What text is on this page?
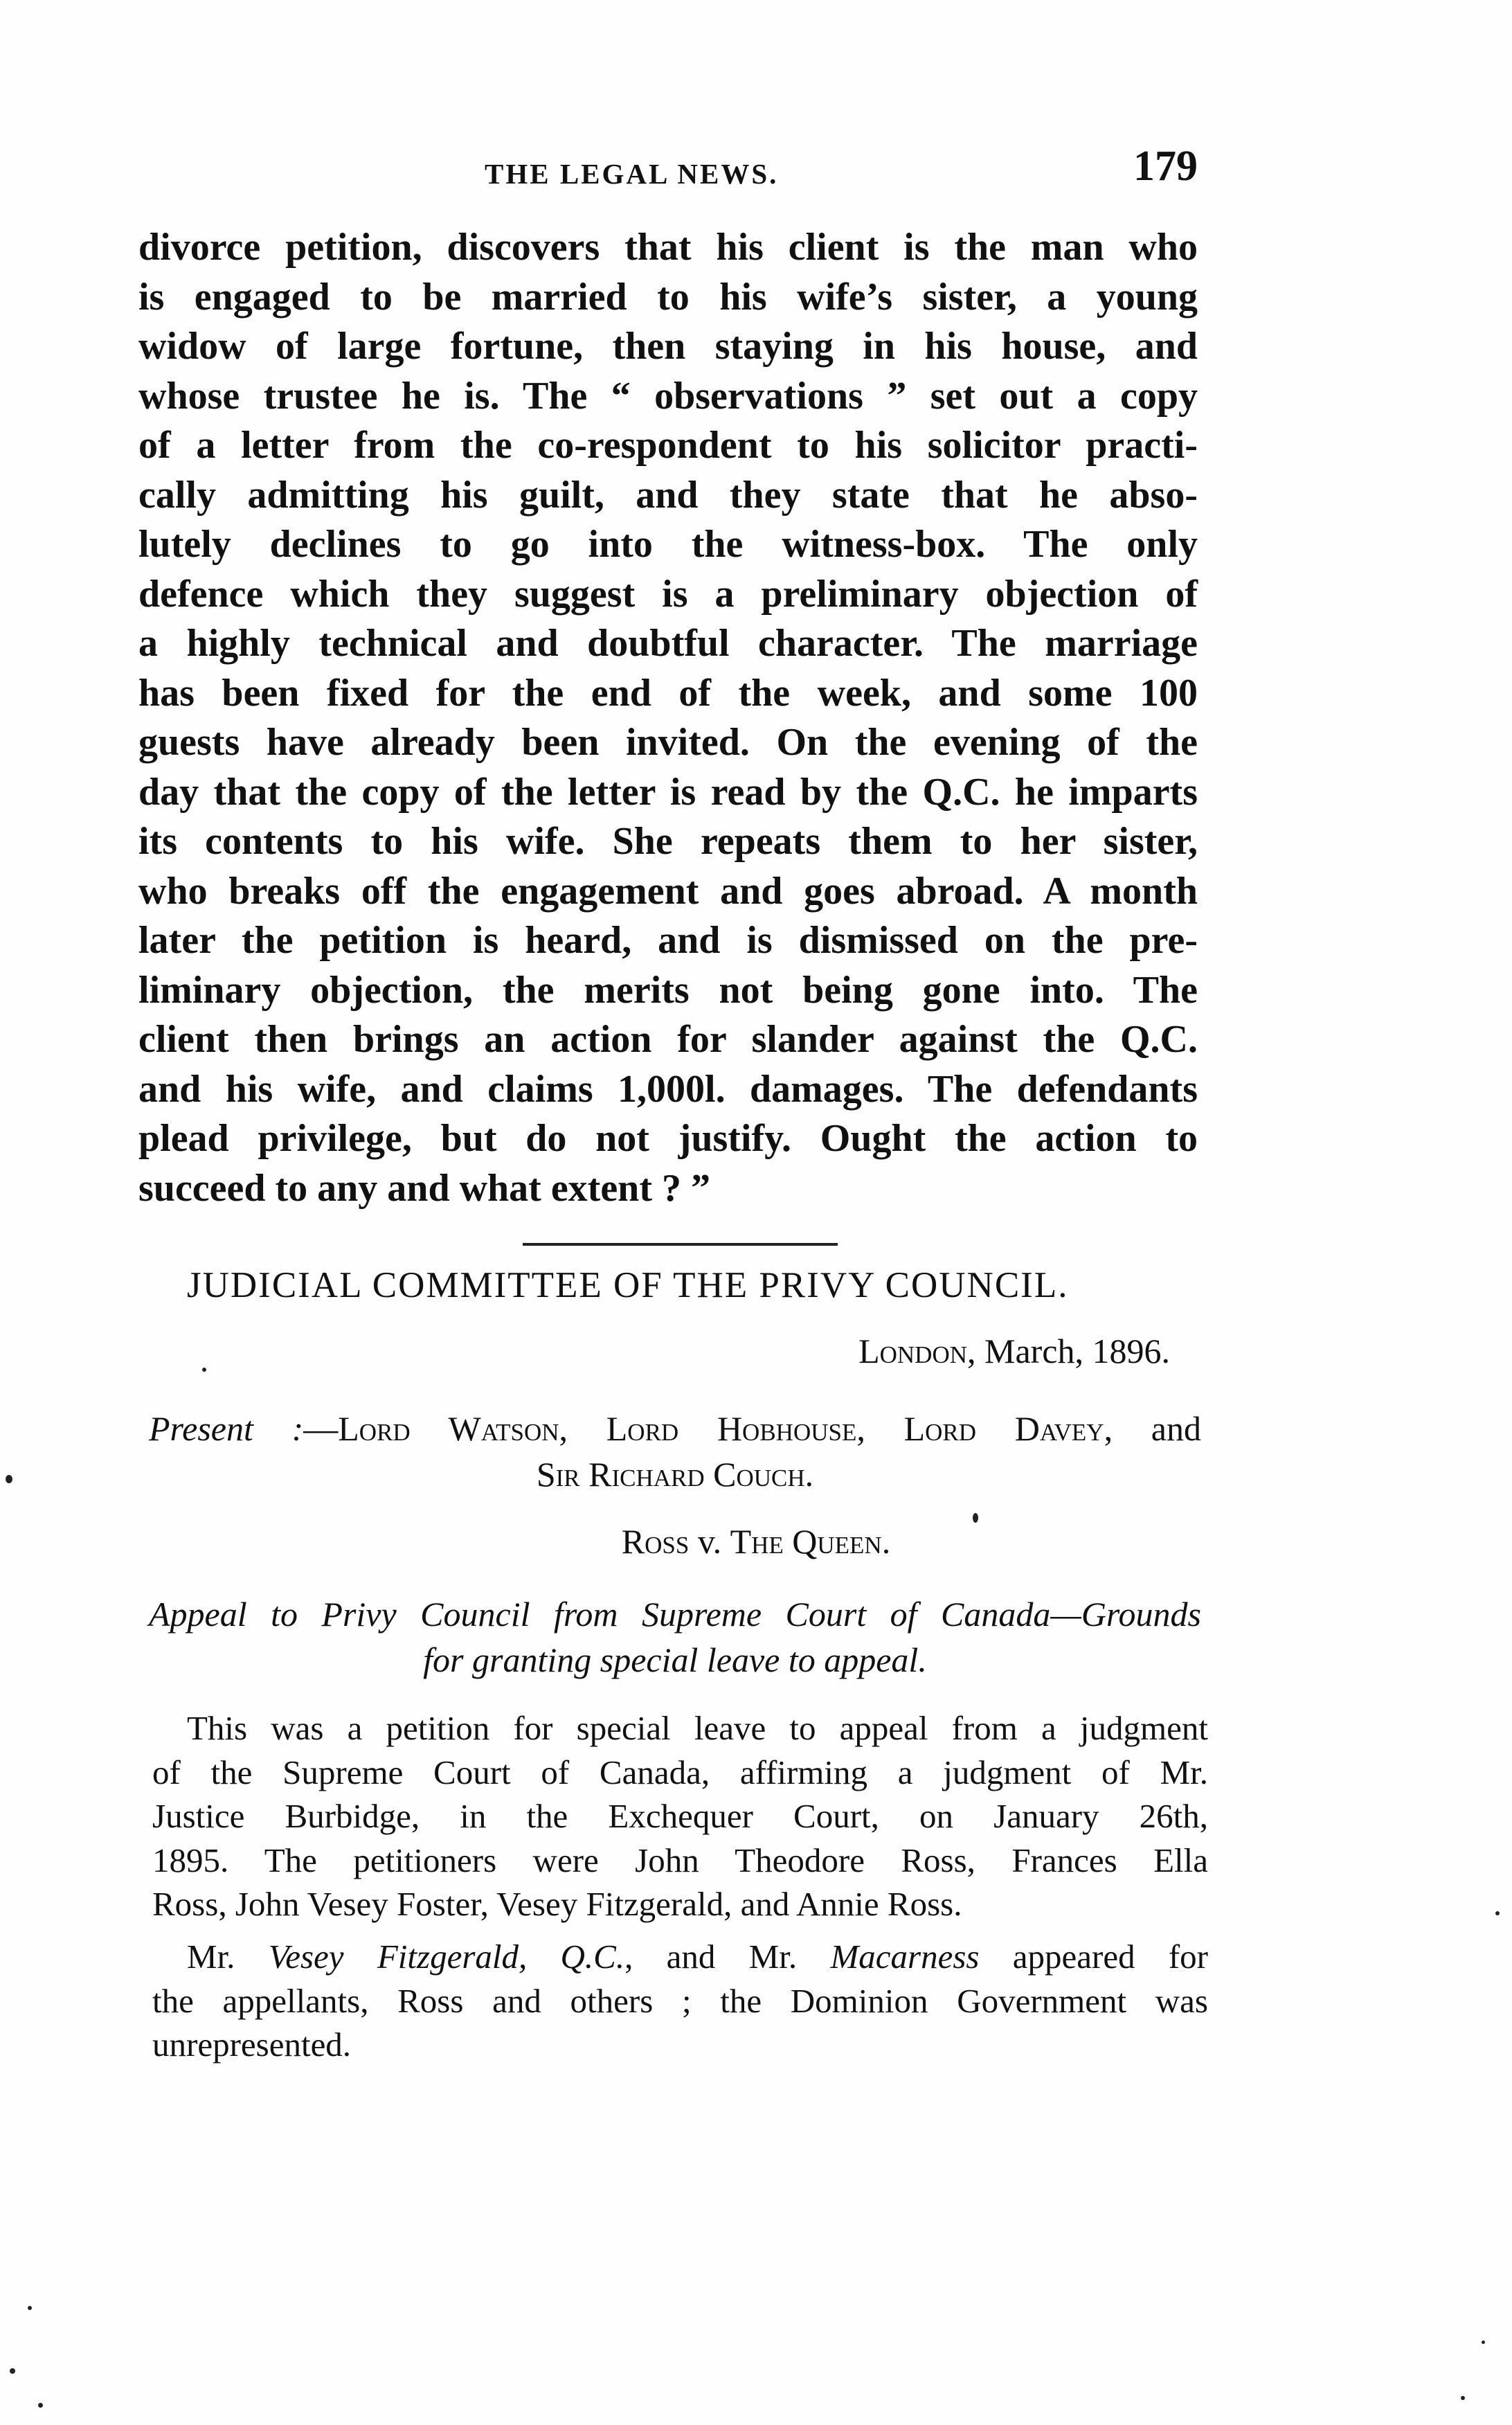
THE LEGAL NEWS.	179
divorce petition, discovers that his client is the man who
is engaged to be married to his wife’s sister, a young
widow of large fortune, then staying in his house, and
whose trustee he is. The “ observations ” set out a copy
of a letter from the co-respondent to his solicitor practi-
cally admitting his guilt, and they state that he abso-
lutely declines to go into the witness-box. The only
defence which they suggest is a preliminary objection of
a highly technical and doubtful character. The marriage
has been fixed for the end of the week, and some 100
guests have already been invited. On the evening of the
day that the copy of the letter is read by the Q.C. he imparts
its contents to his wife. She repeats them to her sister,
who breaks off the engagement and goes abroad. A month
later the petition is heard, and is dismissed on the pre-
liminary objection, the merits not being gone into. The
client then brings an action for slander against the Q.C.
and his wife, and claims 1,000l. damages. The defendants
plead privilege, but do not justify. Ought the action to
succeed to any and what extent ? ”
JUDICIAL COMMITTEE OF THE PRIVY COUNCIL.
London, March, 1896.
Present :—Lord Watson, Lord Hobhouse, Lord Davey, and
Sir Richard Couch.
Ross v. The Queen.
Appeal to Privy Council from Supreme Court of Canada—Grounds
for granting special leave to appeal.
This was a petition for special leave to appeal from a judgment
of the Supreme Court of Canada, affirming a judgment of Mr.
Justice Burbidge, in the Exchequer Court, on January 26th,
1895. The petitioners were John Theodore Ross, Frances Ella
Ross, John Vesey Foster, Vesey Fitzgerald, and Annie Ross.
Mr. Vesey Fitzgerald, Q.C., and Mr. Macarness appeared for
the appellants, Ross and others ; the Dominion Government was
unrepresented.
